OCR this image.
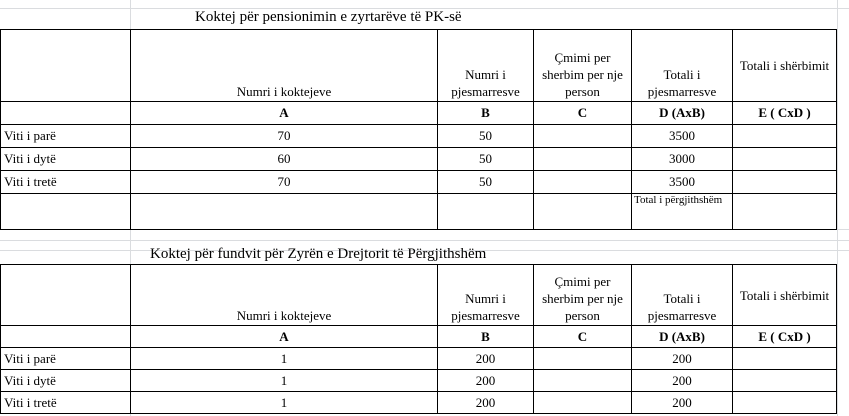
Koktej për pensionimin e zyrtarëve të PK-së
	Numri i koktejeve	Numri i pjesmarresve	Çmimi per sherbim per nje person	Totali i pjesmarresve	Totali i shërbimit
	A	B	C	D (AxB)	E ( CxD )
Viti i parë	70	50		3500	
Viti i dytë	60	50		3000	
Viti i tretë	70	50		3500	
				Total i përgjithshëm	
Koktej për fundvit për Zyrën e Drejtorit të Përgjithshëm
	Numri i koktejeve	Numri i pjesmarresve	Çmimi per sherbim per nje person	Totali i pjesmarresve	Totali i shërbimit
	A	B	C	D (AxB)	E ( CxD )
Viti i parë	1	200		200	
Viti i dytë	1	200		200	
Viti i tretë	1	200		200	
